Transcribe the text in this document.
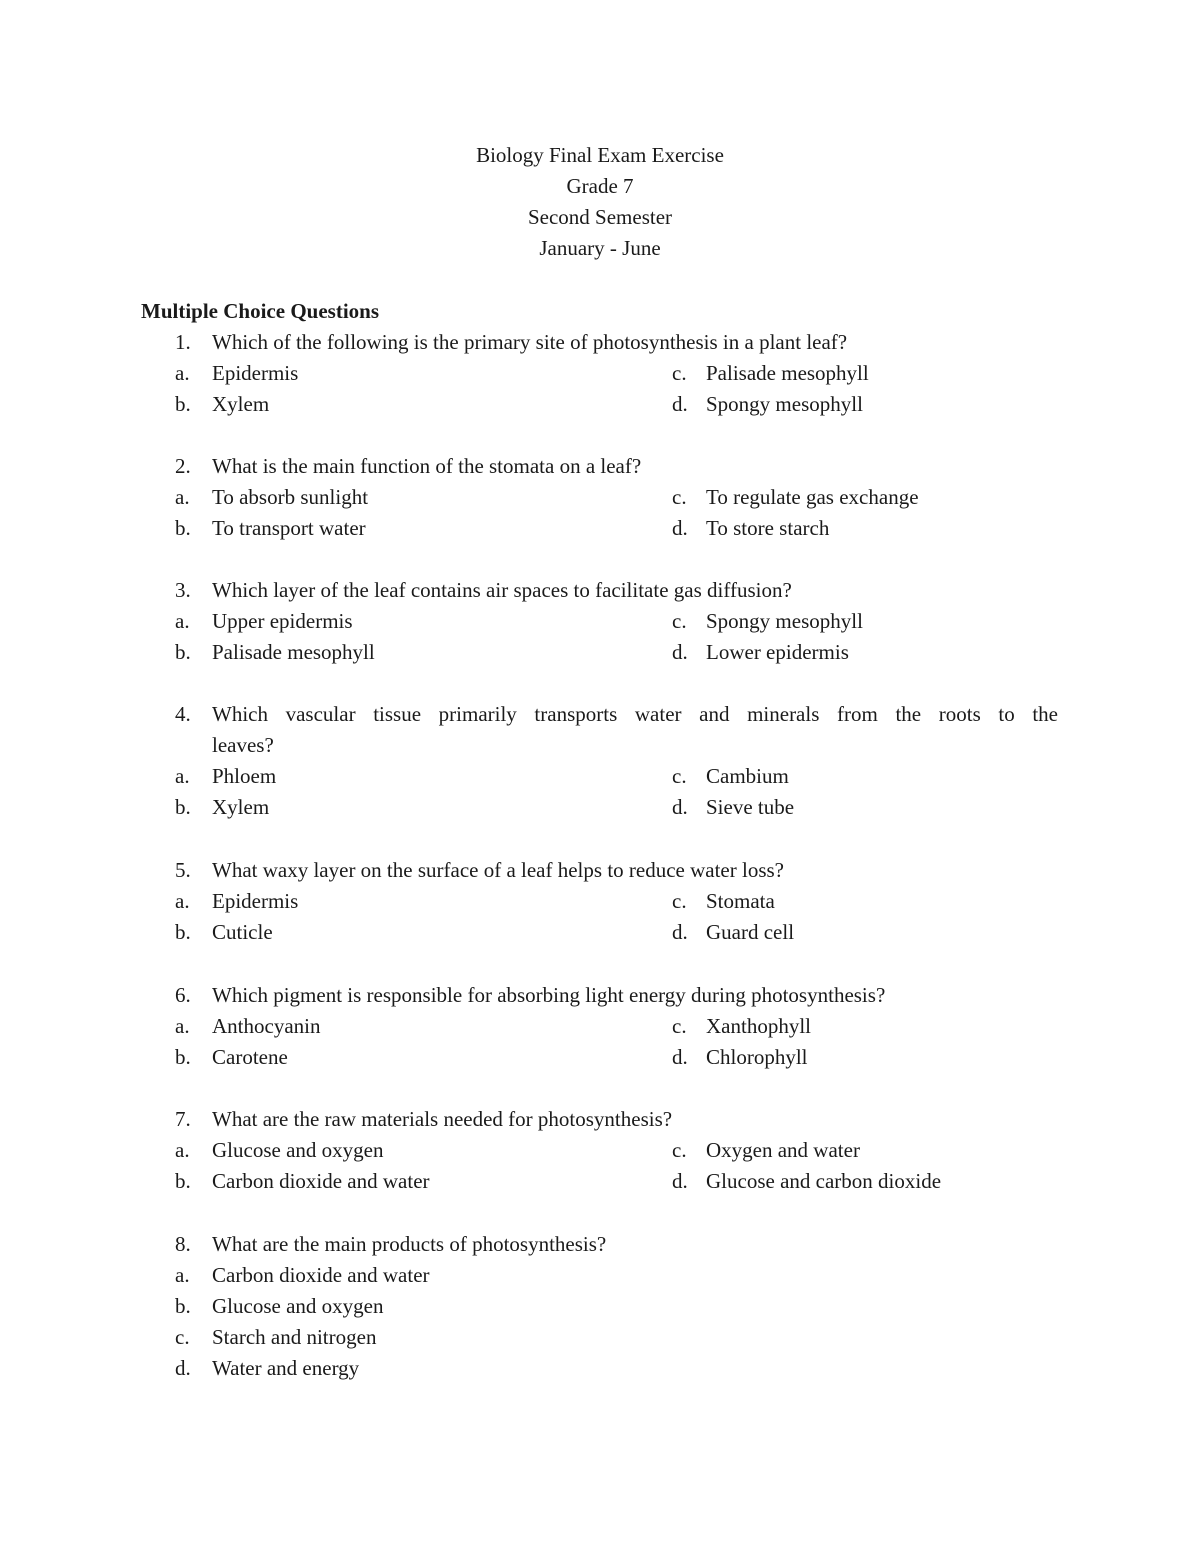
Biology Final Exam Exercise
Grade 7
Second Semester
January - June
Multiple Choice Questions
1. Which of the following is the primary site of photosynthesis in a plant leaf?
a. Epidermis	c. Palisade mesophyll
b. Xylem	d. Spongy mesophyll
2. What is the main function of the stomata on a leaf?
a. To absorb sunlight	c. To regulate gas exchange
b. To transport water	d. To store starch
3. Which layer of the leaf contains air spaces to facilitate gas diffusion?
a. Upper epidermis	c. Spongy mesophyll
b. Palisade mesophyll	d. Lower epidermis
4. Which vascular tissue primarily transports water and minerals from the roots to the
leaves?
a. Phloem	c. Cambium
b. Xylem	d. Sieve tube
5. What waxy layer on the surface of a leaf helps to reduce water loss?
a. Epidermis	c. Stomata
b. Cuticle	d. Guard cell
6. Which pigment is responsible for absorbing light energy during photosynthesis?
a. Anthocyanin	c. Xanthophyll
b. Carotene	d. Chlorophyll
7. What are the raw materials needed for photosynthesis?
a. Glucose and oxygen	c. Oxygen and water
b. Carbon dioxide and water	d. Glucose and carbon dioxide
8. What are the main products of photosynthesis?
a. Carbon dioxide and water
b. Glucose and oxygen
c. Starch and nitrogen
d. Water and energy
